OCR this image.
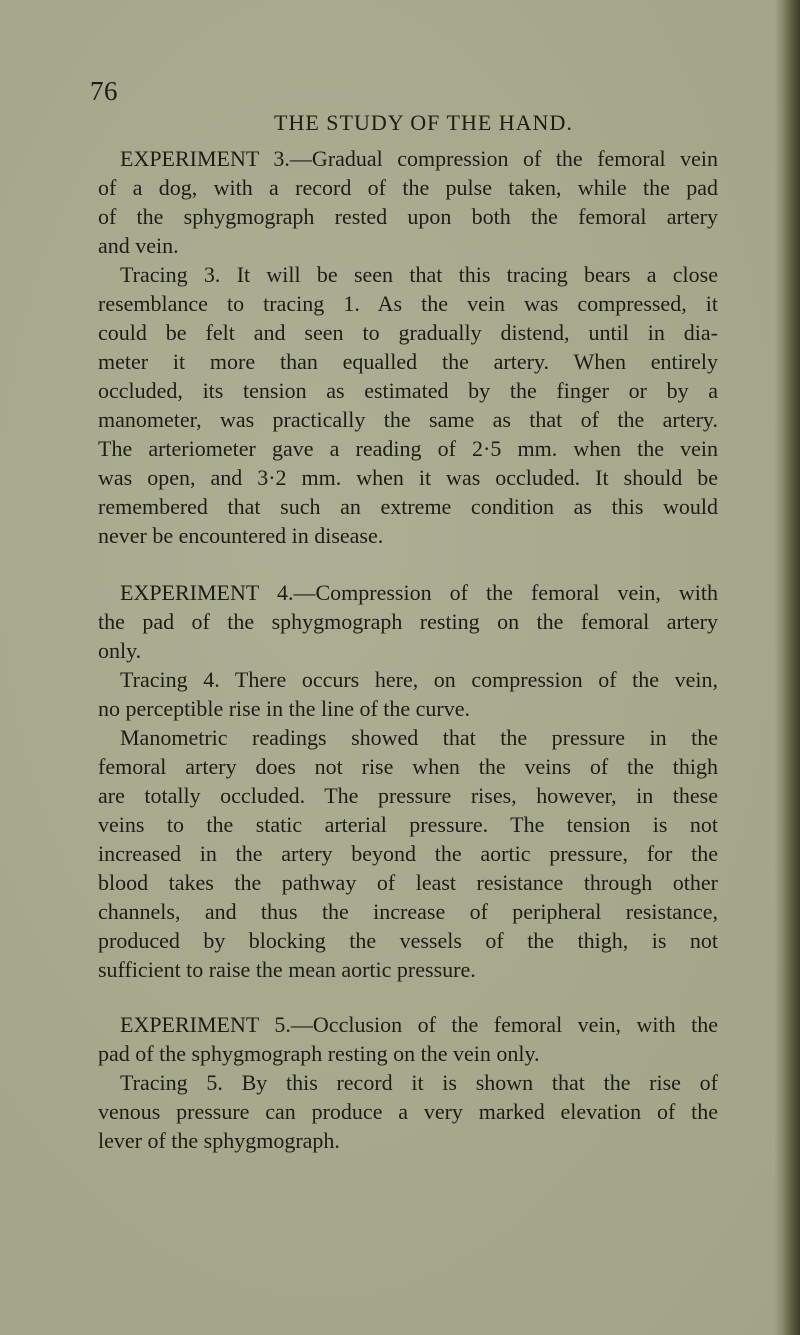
76
THE STUDY OF THE HAND.
EXPERIMENT 3.—Gradual compression of the femoral vein
of a dog, with a record of the pulse taken, while the pad
of the sphygmograph rested upon both the femoral artery
and vein.
Tracing 3. It will be seen that this tracing bears a close
resemblance to tracing 1. As the vein was compressed, it
could be felt and seen to gradually distend, until in dia-
meter it more than equalled the artery. When entirely
occluded, its tension as estimated by the finger or by a
manometer, was practically the same as that of the artery.
The arteriometer gave a reading of 2·5 mm. when the vein
was open, and 3·2 mm. when it was occluded. It should be
remembered that such an extreme condition as this would
never be encountered in disease.
EXPERIMENT 4.—Compression of the femoral vein, with
the pad of the sphygmograph resting on the femoral artery
only.
Tracing 4. There occurs here, on compression of the vein,
no perceptible rise in the line of the curve.
Manometric readings showed that the pressure in the
femoral artery does not rise when the veins of the thigh
are totally occluded. The pressure rises, however, in these
veins to the static arterial pressure. The tension is not
increased in the artery beyond the aortic pressure, for the
blood takes the pathway of least resistance through other
channels, and thus the increase of peripheral resistance,
produced by blocking the vessels of the thigh, is not
sufficient to raise the mean aortic pressure.
EXPERIMENT 5.—Occlusion of the femoral vein, with the
pad of the sphygmograph resting on the vein only.
Tracing 5. By this record it is shown that the rise of
venous pressure can produce a very marked elevation of the
lever of the sphygmograph.
